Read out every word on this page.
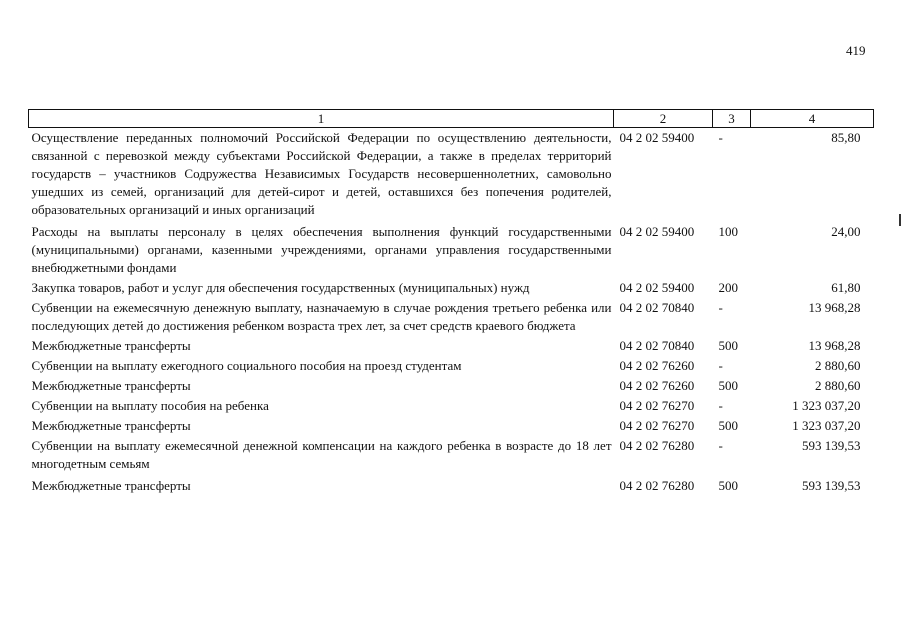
419
1	2	3	4
Осуществление переданных полномочий Российской Федерации по осуществлению деятельности, связанной с перевозкой между субъектами Российской Федерации, а также в пределах территорий государств – участников Содружества Независимых Государств несовершеннолетних, самовольно ушедших из семей, организаций для детей-сирот и детей, оставшихся без попечения родителей, образовательных организаций и иных организаций	04 2 02 59400	-	85,80
Расходы на выплаты персоналу в целях обеспечения выполнения функций государственными (муниципальными) органами, казенными учреждениями, органами управления государственными внебюджетными фондами	04 2 02 59400	100	24,00
Закупка товаров, работ и услуг для обеспечения государственных (муниципальных) нужд	04 2 02 59400	200	61,80
Субвенции на ежемесячную денежную выплату, назначаемую в случае рождения третьего ребенка или последующих детей до достижения ребенком возраста трех лет, за счет средств краевого бюджета	04 2 02 70840	-	13 968,28
Межбюджетные трансферты	04 2 02 70840	500	13 968,28
Субвенции на выплату ежегодного социального пособия на проезд студентам	04 2 02 76260	-	2 880,60
Межбюджетные трансферты	04 2 02 76260	500	2 880,60
Субвенции на выплату пособия на ребенка	04 2 02 76270	-	1 323 037,20
Межбюджетные трансферты	04 2 02 76270	500	1 323 037,20
Субвенции на выплату ежемесячной денежной компенсации на каждого ребенка в возрасте до 18 лет многодетным семьям	04 2 02 76280	-	593 139,53
Межбюджетные трансферты	04 2 02 76280	500	593 139,53
